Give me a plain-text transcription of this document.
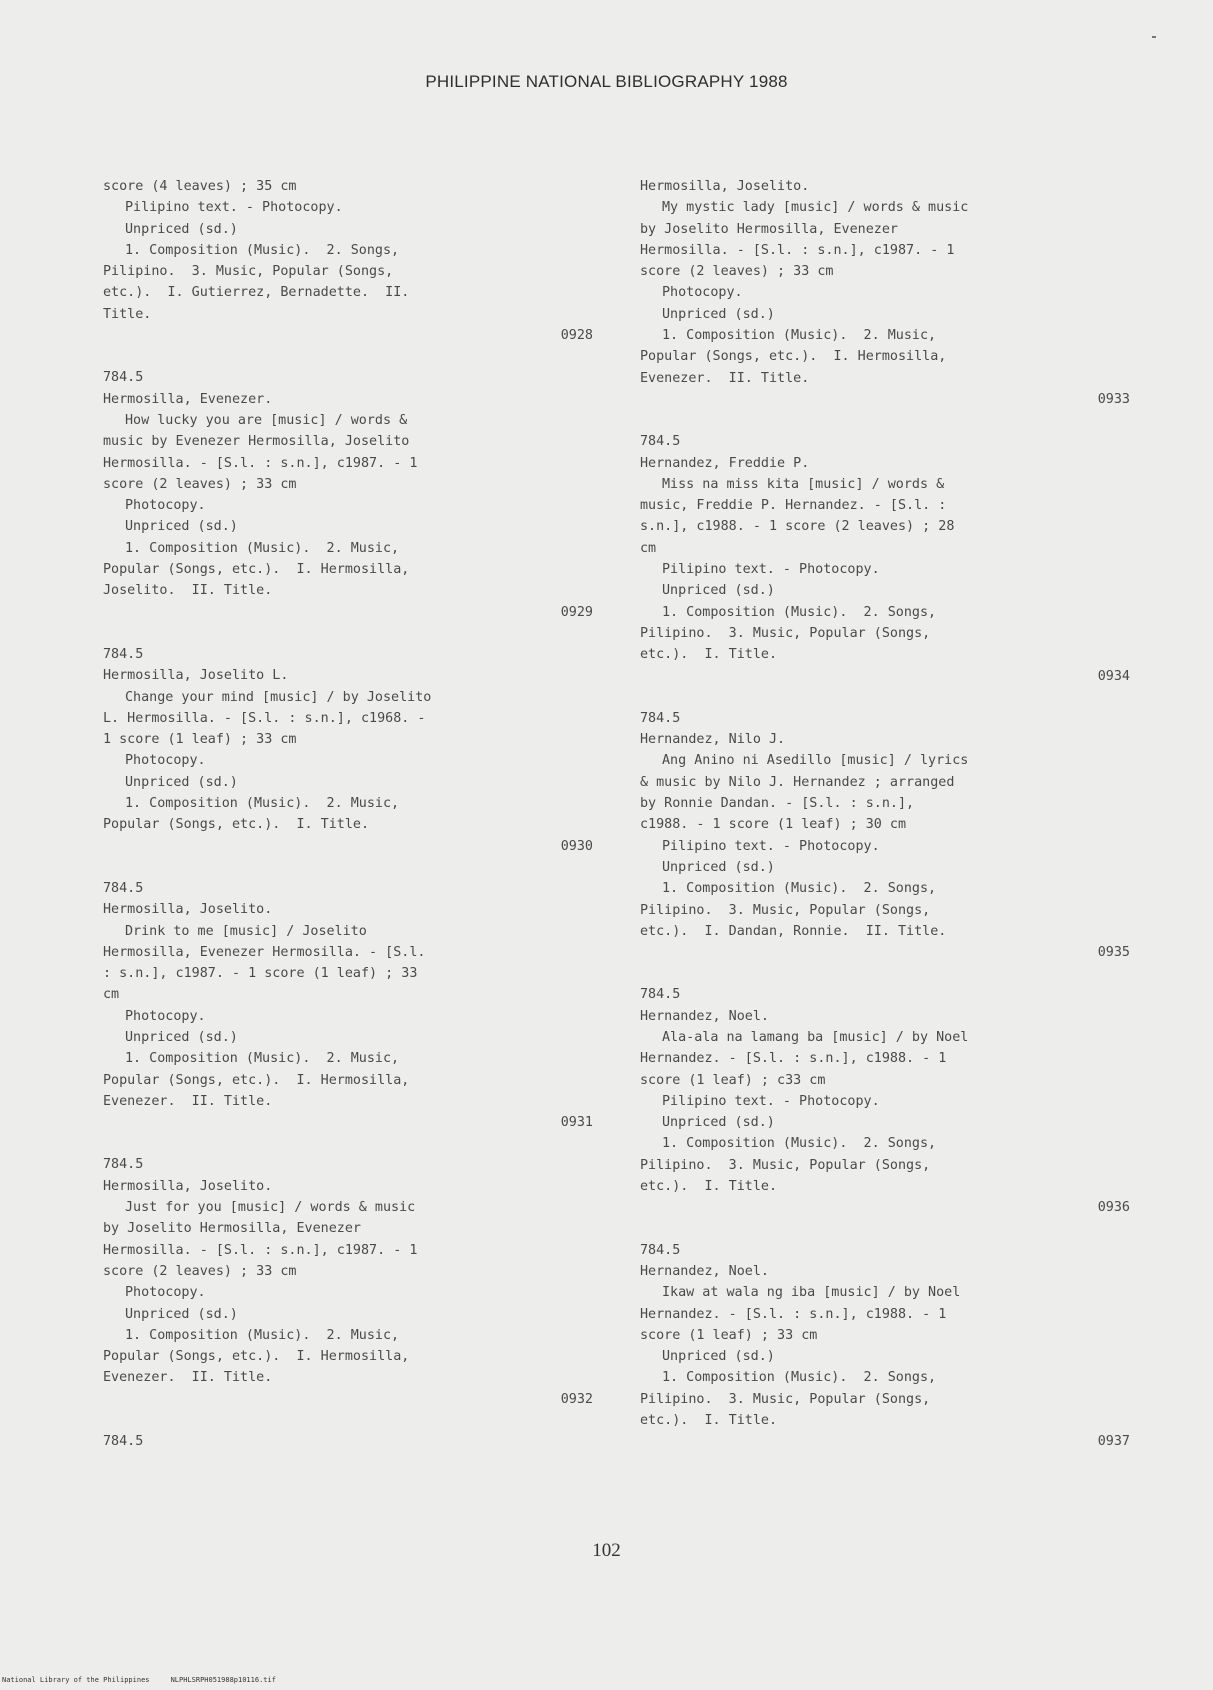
PHILIPPINE NATIONAL BIBLIOGRAPHY 1988
score (4 leaves) ; 35 cm
Pilipino text. - Photocopy.
Unpriced (sd.)
1. Composition (Music).  2. Songs,
Pilipino.  3. Music, Popular (Songs,
etc.).  I. Gutierrez, Bernadette.  II.
Title.
0928
784.5
Hermosilla, Evenezer.
How lucky you are [music] / words &
music by Evenezer Hermosilla, Joselito
Hermosilla. - [S.l. : s.n.], c1987. - 1
score (2 leaves) ; 33 cm
Photocopy.
Unpriced (sd.)
1. Composition (Music).  2. Music,
Popular (Songs, etc.).  I. Hermosilla,
Joselito.  II. Title.
0929
784.5
Hermosilla, Joselito L.
Change your mind [music] / by Joselito
L. Hermosilla. - [S.l. : s.n.], c1968. -
1 score (1 leaf) ; 33 cm
Photocopy.
Unpriced (sd.)
1. Composition (Music).  2. Music,
Popular (Songs, etc.).  I. Title.
0930
784.5
Hermosilla, Joselito.
Drink to me [music] / Joselito
Hermosilla, Evenezer Hermosilla. - [S.l.
: s.n.], c1987. - 1 score (1 leaf) ; 33
cm
Photocopy.
Unpriced (sd.)
1. Composition (Music).  2. Music,
Popular (Songs, etc.).  I. Hermosilla,
Evenezer.  II. Title.
0931
784.5
Hermosilla, Joselito.
Just for you [music] / words & music
by Joselito Hermosilla, Evenezer
Hermosilla. - [S.l. : s.n.], c1987. - 1
score (2 leaves) ; 33 cm
Photocopy.
Unpriced (sd.)
1. Composition (Music).  2. Music,
Popular (Songs, etc.).  I. Hermosilla,
Evenezer.  II. Title.
0932
784.5
Hermosilla, Joselito.
My mystic lady [music] / words & music
by Joselito Hermosilla, Evenezer
Hermosilla. - [S.l. : s.n.], c1987. - 1
score (2 leaves) ; 33 cm
Photocopy.
Unpriced (sd.)
1. Composition (Music).  2. Music,
Popular (Songs, etc.).  I. Hermosilla,
Evenezer.  II. Title.
0933
784.5
Hernandez, Freddie P.
Miss na miss kita [music] / words &
music, Freddie P. Hernandez. - [S.l. :
s.n.], c1988. - 1 score (2 leaves) ; 28
cm
Pilipino text. - Photocopy.
Unpriced (sd.)
1. Composition (Music).  2. Songs,
Pilipino.  3. Music, Popular (Songs,
etc.).  I. Title.
0934
784.5
Hernandez, Nilo J.
Ang Anino ni Asedillo [music] / lyrics
& music by Nilo J. Hernandez ; arranged
by Ronnie Dandan. - [S.l. : s.n.],
c1988. - 1 score (1 leaf) ; 30 cm
Pilipino text. - Photocopy.
Unpriced (sd.)
1. Composition (Music).  2. Songs,
Pilipino.  3. Music, Popular (Songs,
etc.).  I. Dandan, Ronnie.  II. Title.
0935
784.5
Hernandez, Noel.
Ala-ala na lamang ba [music] / by Noel
Hernandez. - [S.l. : s.n.], c1988. - 1
score (1 leaf) ; c33 cm
Pilipino text. - Photocopy.
Unpriced (sd.)
1. Composition (Music).  2. Songs,
Pilipino.  3. Music, Popular (Songs,
etc.).  I. Title.
0936
784.5
Hernandez, Noel.
Ikaw at wala ng iba [music] / by Noel
Hernandez. - [S.l. : s.n.], c1988. - 1
score (1 leaf) ; 33 cm
Unpriced (sd.)
1. Composition (Music).  2. Songs,
Pilipino.  3. Music, Popular (Songs,
etc.).  I. Title.
0937
102
National Library of the Philippines     NLPHLSRPH051988p10116.tif
